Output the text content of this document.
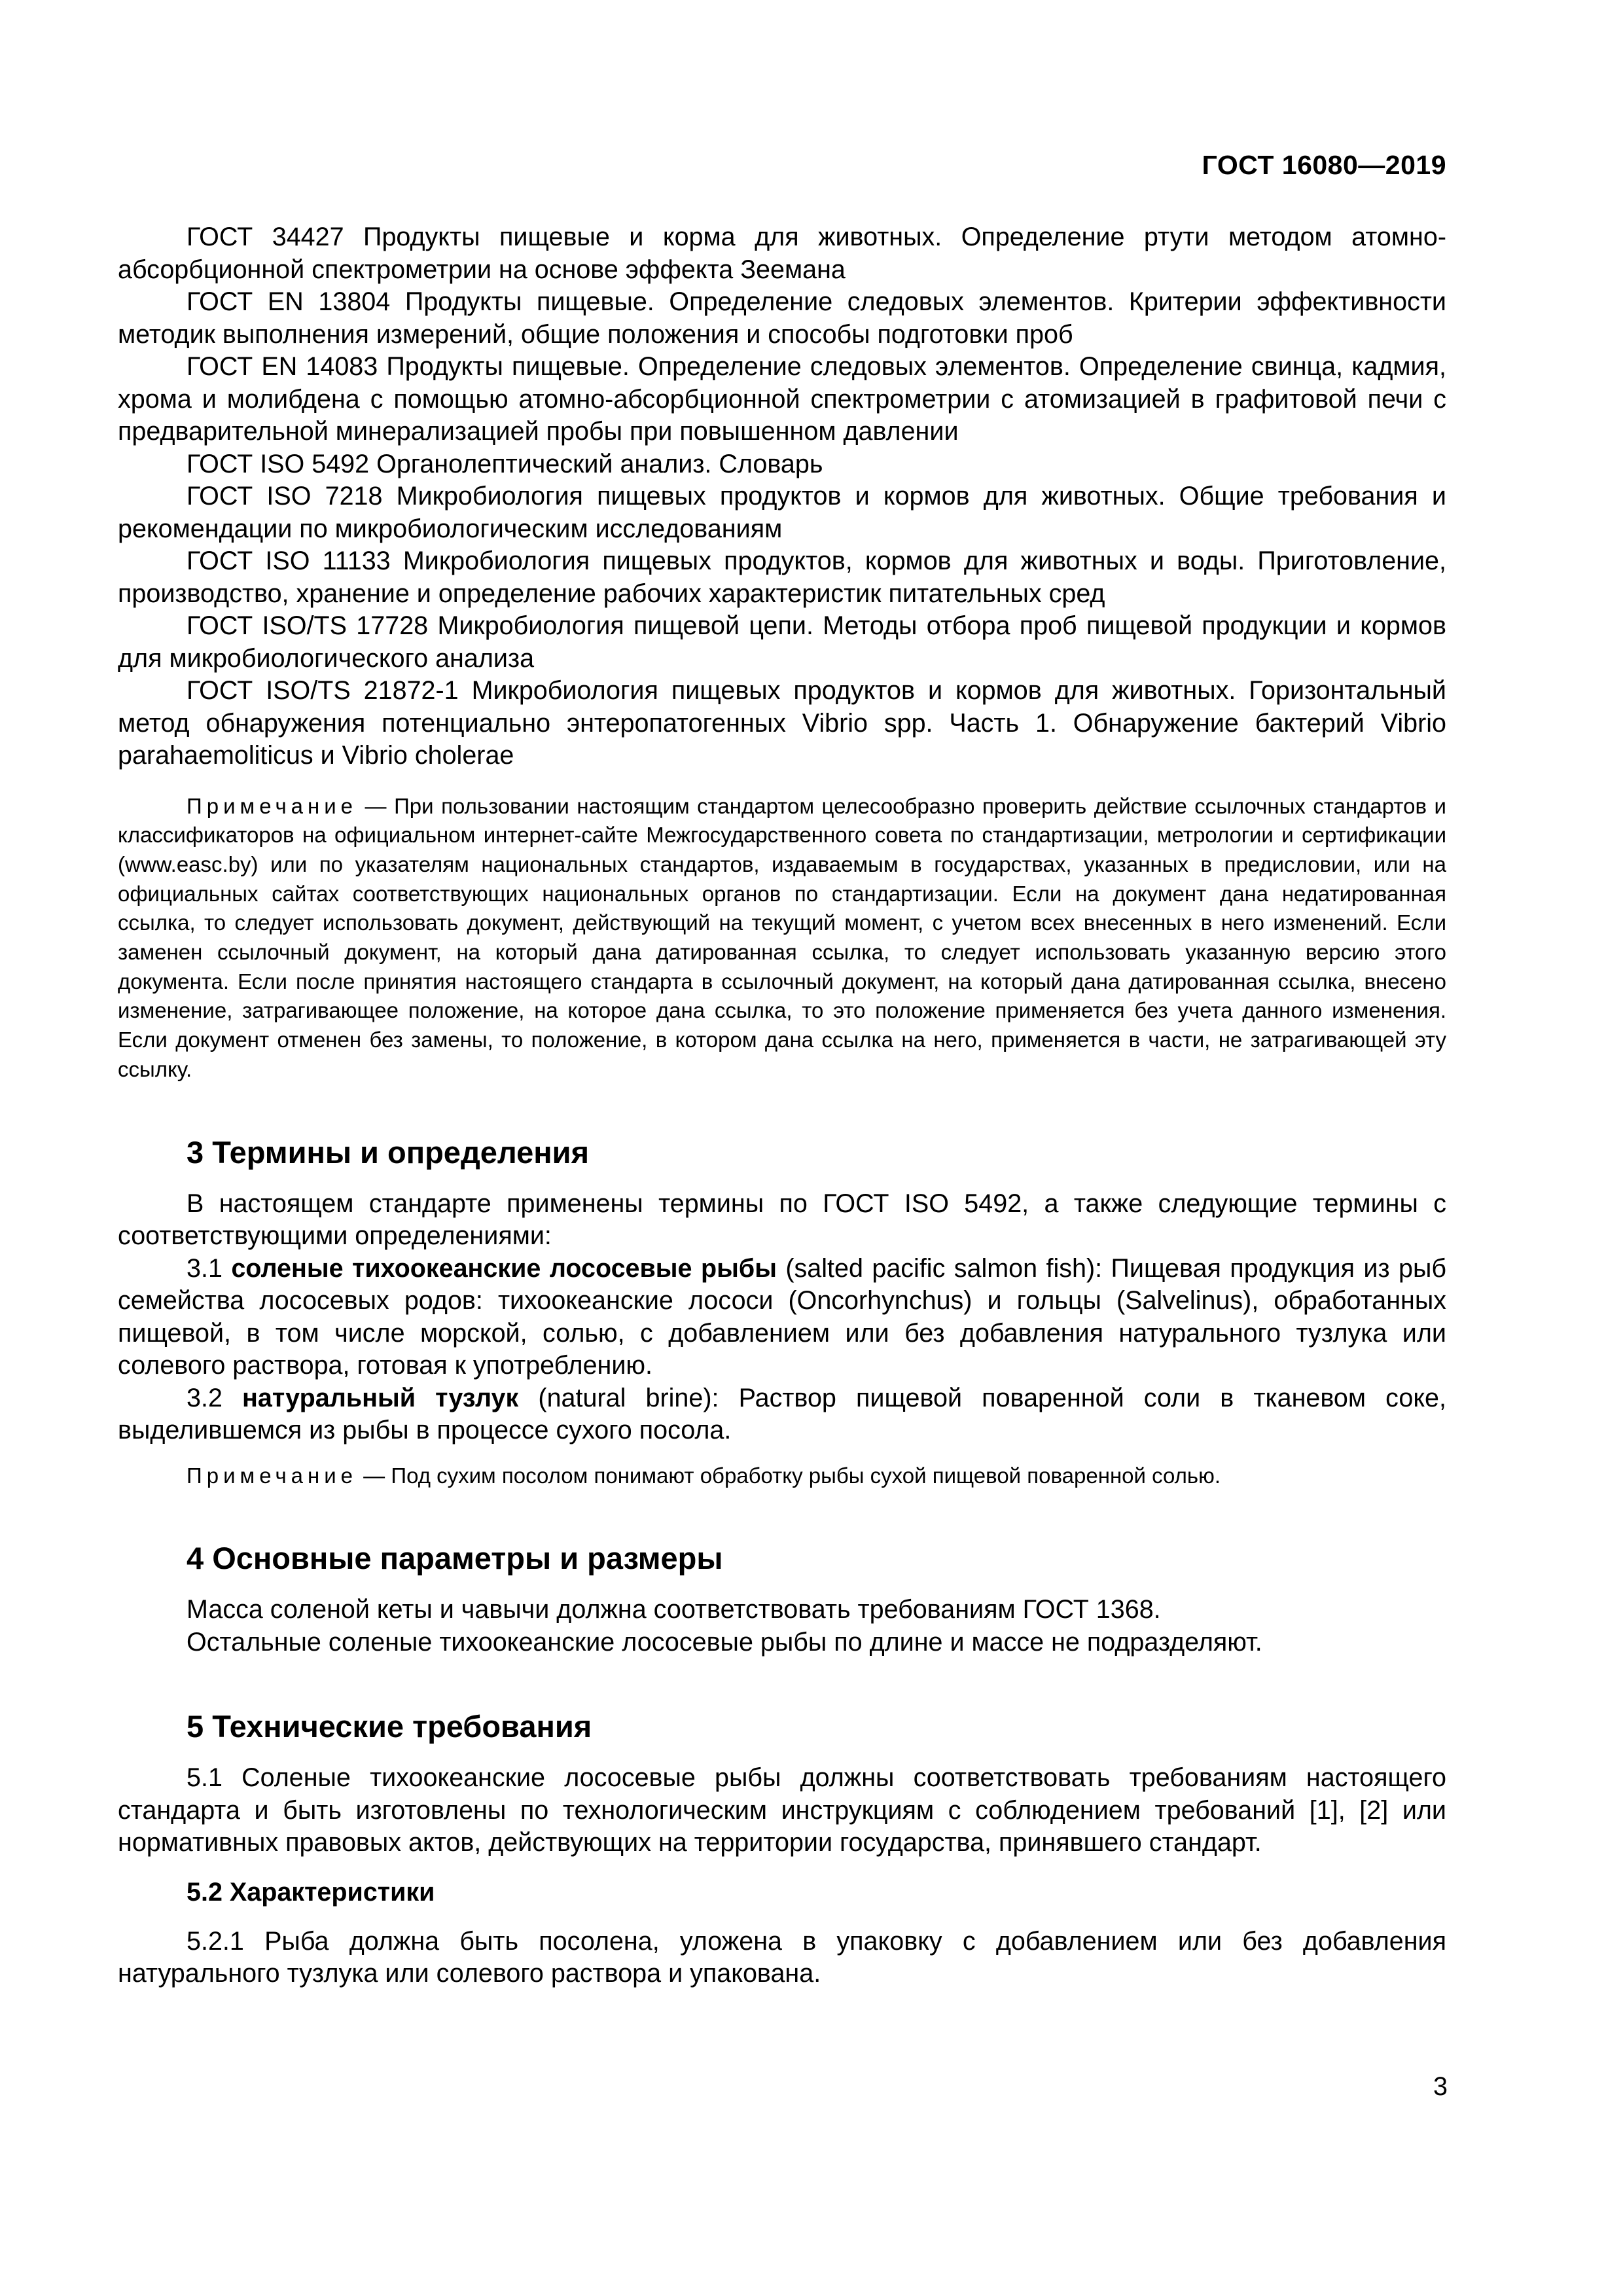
ГОСТ 16080—2019

ГОСТ 34427 Продукты пищевые и корма для животных. Определение ртути методом атомно-абсорбционной спектрометрии на основе эффекта Зеемана

ГОСТ EN 13804 Продукты пищевые. Определение следовых элементов. Критерии эффективности методик выполнения измерений, общие положения и способы подготовки проб

ГОСТ EN 14083 Продукты пищевые. Определение следовых элементов. Определение свинца, кадмия, хрома и молибдена с помощью атомно-абсорбционной спектрометрии с атомизацией в графитовой печи с предварительной минерализацией пробы при повышенном давлении

ГОСТ ISO 5492 Органолептический анализ. Словарь

ГОСТ ISO 7218 Микробиология пищевых продуктов и кормов для животных. Общие требования и рекомендации по микробиологическим исследованиям

ГОСТ ISO 11133 Микробиология пищевых продуктов, кормов для животных и воды. Приготовление, производство, хранение и определение рабочих характеристик питательных сред

ГОСТ ISO/TS 17728 Микробиология пищевой цепи. Методы отбора проб пищевой продукции и кормов для микробиологического анализа

ГОСТ ISO/TS 21872-1 Микробиология пищевых продуктов и кормов для животных. Горизонтальный метод обнаружения потенциально энтеропатогенных Vibrio spp. Часть 1. Обнаружение бактерий Vibrio parahaemoliticus и Vibrio cholerae

Примечание — При пользовании настоящим стандартом целесообразно проверить действие ссылочных стандартов и классификаторов на официальном интернет-сайте Межгосударственного совета по стандартизации, метрологии и сертификации (www.easc.by) или по указателям национальных стандартов, издаваемым в государствах, указанных в предисловии, или на официальных сайтах соответствующих национальных органов по стандартизации. Если на документ дана недатированная ссылка, то следует использовать документ, действующий на текущий момент, с учетом всех внесенных в него изменений. Если заменен ссылочный документ, на который дана датированная ссылка, то следует использовать указанную версию этого документа. Если после принятия настоящего стандарта в ссылочный документ, на который дана датированная ссылка, внесено изменение, затрагивающее положение, на которое дана ссылка, то это положение применяется без учета данного изменения. Если документ отменен без замены, то положение, в котором дана ссылка на него, применяется в части, не затрагивающей эту ссылку.

3 Термины и определения

В настоящем стандарте применены термины по ГОСТ ISO 5492, а также следующие термины с соответствующими определениями:

3.1 соленые тихоокеанские лососевые рыбы (salted pacific salmon fish): Пищевая продукция из рыб семейства лососевых родов: тихоокеанские лососи (Oncorhynchus) и гольцы (Salvelinus), обработанных пищевой, в том числе морской, солью, с добавлением или без добавления натурального тузлука или солевого раствора, готовая к употреблению.

3.2 натуральный тузлук (natural brine): Раствор пищевой поваренной соли в тканевом соке, выделившемся из рыбы в процессе сухого посола.

Примечание — Под сухим посолом понимают обработку рыбы сухой пищевой поваренной солью.

4 Основные параметры и размеры

Масса соленой кеты и чавычи должна соответствовать требованиям ГОСТ 1368.

Остальные соленые тихоокеанские лососевые рыбы по длине и массе не подразделяют.

5 Технические требования

5.1 Соленые тихоокеанские лососевые рыбы должны соответствовать требованиям настоящего стандарта и быть изготовлены по технологическим инструкциям с соблюдением требований [1], [2] или нормативных правовых актов, действующих на территории государства, принявшего стандарт.

5.2 Характеристики

5.2.1 Рыба должна быть посолена, уложена в упаковку с добавлением или без добавления натурального тузлука или солевого раствора и упакована.

3
